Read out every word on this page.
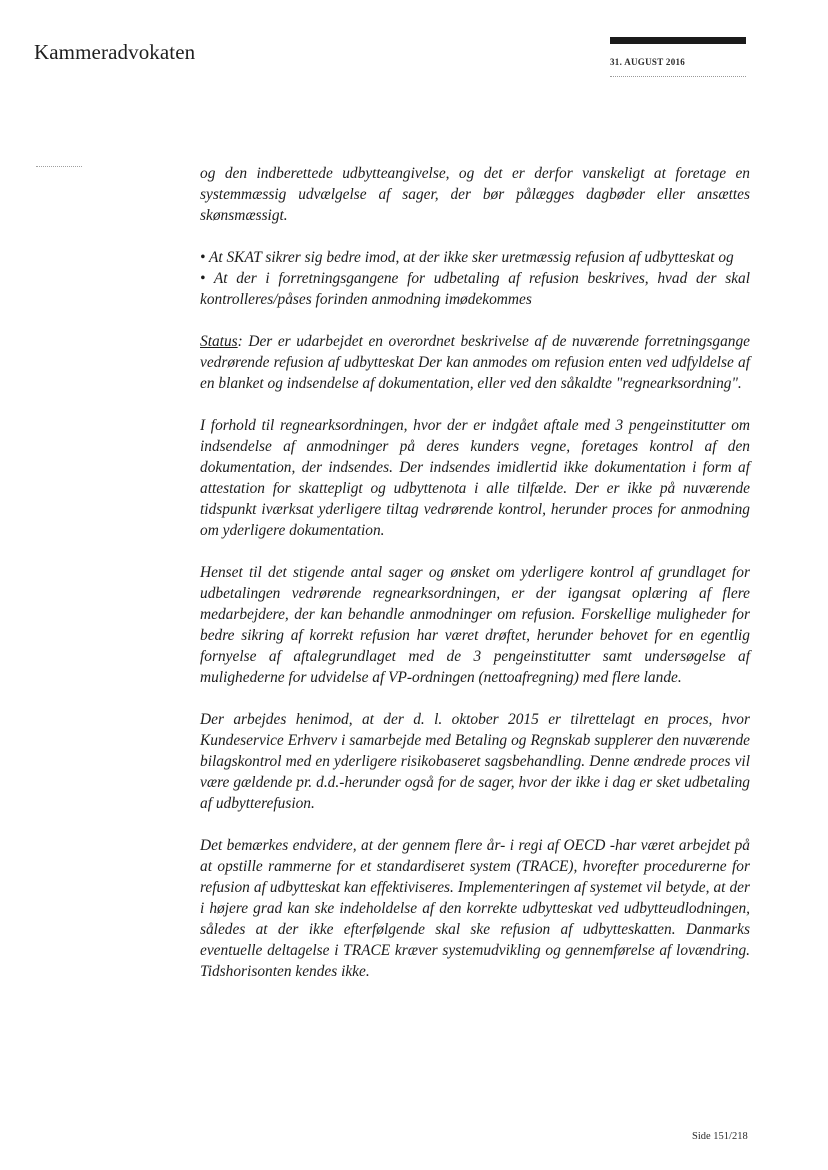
Kammeradvokaten	31. AUGUST 2016

og den indberettede udbytteangivelse, og det er derfor vanskeligt at foretage en systemmæssig udvælgelse af sager, der bør pålægges dagbøder eller ansættes skønsmæssigt.

• At SKAT sikrer sig bedre imod, at der ikke sker uretmæssig refusion af udbytteskat og

• At der i forretningsgangene for udbetaling af refusion beskrives, hvad der skal kontrolleres/påses forinden anmodning imødekommes

Status: Der er udarbejdet en overordnet beskrivelse af de nuværende forretningsgange vedrørende refusion af udbytteskat Der kan anmodes om refusion enten ved udfyldelse af en blanket og indsendelse af dokumentation, eller ved den såkaldte "regnearksordning".

I forhold til regnearksordningen, hvor der er indgået aftale med 3 pengeinstitutter om indsendelse af anmodninger på deres kunders vegne, foretages kontrol af den dokumentation, der indsendes. Der indsendes imidlertid ikke dokumentation i form af attestation for skattepligt og udbyttenota i alle tilfælde. Der er ikke på nuværende tidspunkt iværksat yderligere tiltag vedrørende kontrol, herunder proces for anmodning om yderligere dokumentation.

Henset til det stigende antal sager og ønsket om yderligere kontrol af grundlaget for udbetalingen vedrørende regnearksordningen, er der igangsat oplæring af flere medarbejdere, der kan behandle anmodninger om refusion. Forskellige muligheder for bedre sikring af korrekt refusion har været drøftet, herunder behovet for en egentlig fornyelse af aftalegrundlaget med de 3 pengeinstitutter samt undersøgelse af mulighederne for udvidelse af VP-ordningen (nettoafregning) med flere lande.

Der arbejdes henimod, at der d. l. oktober 2015 er tilrettelagt en proces, hvor Kundeservice Erhverv i samarbejde med Betaling og Regnskab supplerer den nuværende bilagskontrol med en yderligere risikobaseret sagsbehandling. Denne ændrede proces vil være gældende pr. d.d.-herunder også for de sager, hvor der ikke i dag er sket udbetaling af udbytterefusion.

Det bemærkes endvidere, at der gennem flere år- i regi af OECD -har været arbejdet på at opstille rammerne for et standardiseret system (TRACE), hvorefter procedurerne for refusion af udbytteskat kan effektiviseres. Implementeringen af systemet vil betyde, at der i højere grad kan ske indeholdelse af den korrekte udbytteskat ved udbytteudlodningen, således at der ikke efterfølgende skal ske refusion af udbytteskatten. Danmarks eventuelle deltagelse i TRACE kræver systemudvikling og gennemførelse af lovændring. Tidshorisonten kendes ikke.

Side 151/218
